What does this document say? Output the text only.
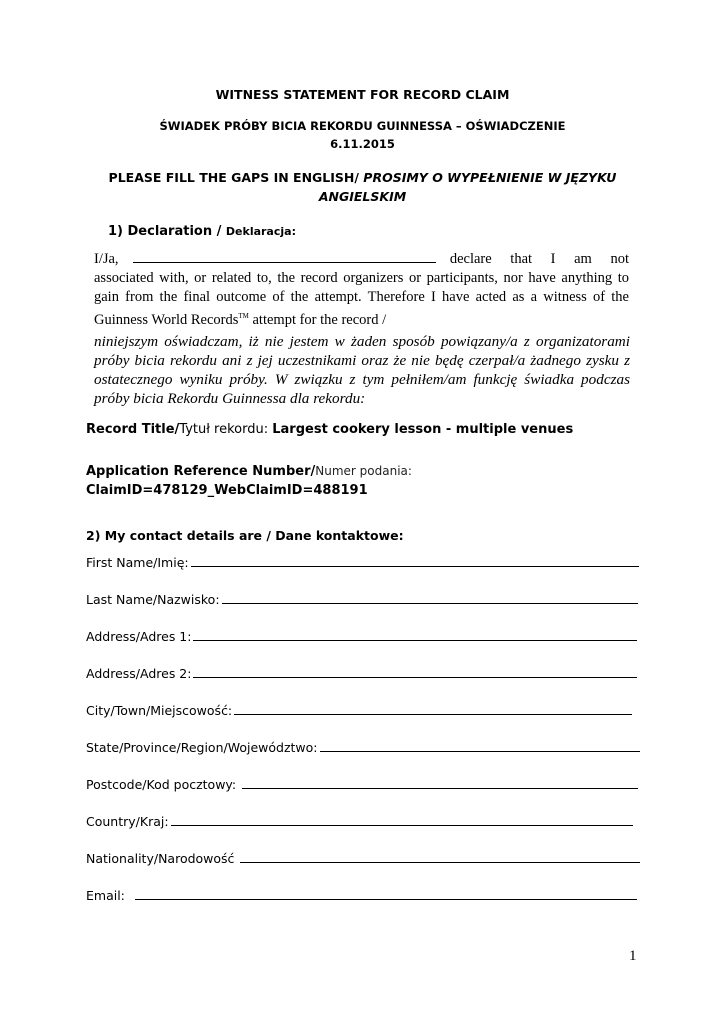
WITNESS STATEMENT FOR RECORD CLAIM
ŚWIADEK PRÓBY BICIA REKORDU GUINNESSA – OŚWIADCZENIE
6.11.2015
PLEASE FILL THE GAPS IN ENGLISH/ PROSIMY O WYPEŁNIENIE W JĘZYKU ANGIELSKIM
1) Declaration / Deklaracja:
I/Ja,	declare that I am not
associated with, or related to, the record organizers or participants, nor have anything to gain from the final outcome of the attempt. Therefore I have acted as a witness of the Guinness World Records™ attempt for the record /
niniejszym oświadczam, iż nie jestem w żaden sposób powiązany/a z organizatorami próby bicia rekordu ani z jej uczestnikami oraz że nie będę czerpał/a żadnego zysku z ostatecznego wyniku próby. W związku z tym pełniłem/am funkcję świadka podczas próby bicia Rekordu Guinnessa dla rekordu:
Record Title/Tytuł rekordu: Largest cookery lesson - multiple venues
Application Reference Number/Numer podania:
ClaimID=478129_WebClaimID=488191
2) My contact details are / Dane kontaktowe:
First Name/Imię:
Last Name/Nazwisko:
Address/Adres 1:
Address/Adres 2:
City/Town/Miejscowość:
State/Province/Region/Województwo:
Postcode/Kod pocztowy:
Country/Kraj:
Nationality/Narodowość
Email:
1
